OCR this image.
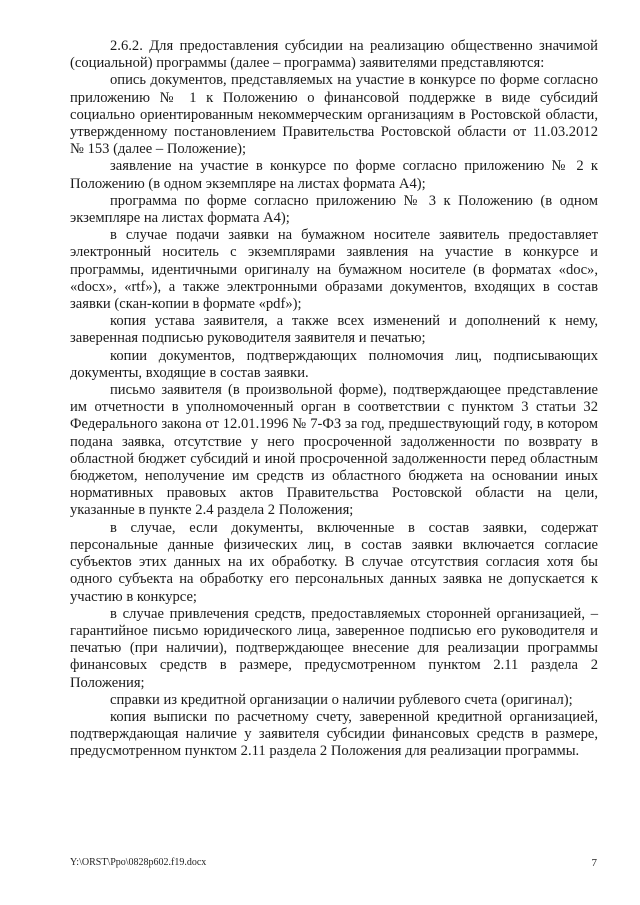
2.6.2. Для предоставления субсидии на реализацию общественно значимой (социальной) программы (далее – программа) заявителями представляются:

опись документов, представляемых на участие в конкурсе по форме согласно приложению № 1 к Положению о финансовой поддержке в виде субсидий социально ориентированным некоммерческим организациям в Ростовской области, утвержденному постановлением Правительства Ростовской области от 11.03.2012 № 153 (далее – Положение);

заявление на участие в конкурсе по форме согласно приложению № 2 к Положению (в одном экземпляре на листах формата А4);

программа по форме согласно приложению № 3 к Положению (в одном экземпляре на листах формата А4);

в случае подачи заявки на бумажном носителе заявитель предоставляет электронный носитель с экземплярами заявления на участие в конкурсе и программы, идентичными оригиналу на бумажном носителе (в форматах «doc», «docx», «rtf»), а также электронными образами документов, входящих в состав заявки (скан-копии в формате «pdf»);

копия устава заявителя, а также всех изменений и дополнений к нему, заверенная подписью руководителя заявителя и печатью;

копии документов, подтверждающих полномочия лиц, подписывающих документы, входящие в состав заявки.

письмо заявителя (в произвольной форме), подтверждающее представление им отчетности в уполномоченный орган в соответствии с пунктом 3 статьи 32 Федерального закона от 12.01.1996 № 7-ФЗ за год, предшествующий году, в котором подана заявка, отсутствие у него просроченной задолженности по возврату в областной бюджет субсидий и иной просроченной задолженности перед областным бюджетом, неполучение им средств из областного бюджета на основании иных нормативных правовых актов Правительства Ростовской области на цели, указанные в пункте 2.4 раздела 2 Положения;

в случае, если документы, включенные в состав заявки, содержат персональные данные физических лиц, в состав заявки включается согласие субъектов этих данных на их обработку. В случае отсутствия согласия хотя бы одного субъекта на обработку его персональных данных заявка не допускается к участию в конкурсе;

в случае привлечения средств, предоставляемых сторонней организацией, – гарантийное письмо юридического лица, заверенное подписью его руководителя и печатью (при наличии), подтверждающее внесение для реализации программы финансовых средств в размере, предусмотренном пунктом 2.11 раздела 2 Положения;

справки из кредитной организации о наличии рублевого счета (оригинал);

копия выписки по расчетному счету, заверенной кредитной организацией, подтверждающая наличие у заявителя субсидии финансовых средств в размере, предусмотренном пунктом 2.11 раздела 2 Положения для реализации программы.

Y:\ORST\Ppo\0828p602.f19.docx	7
